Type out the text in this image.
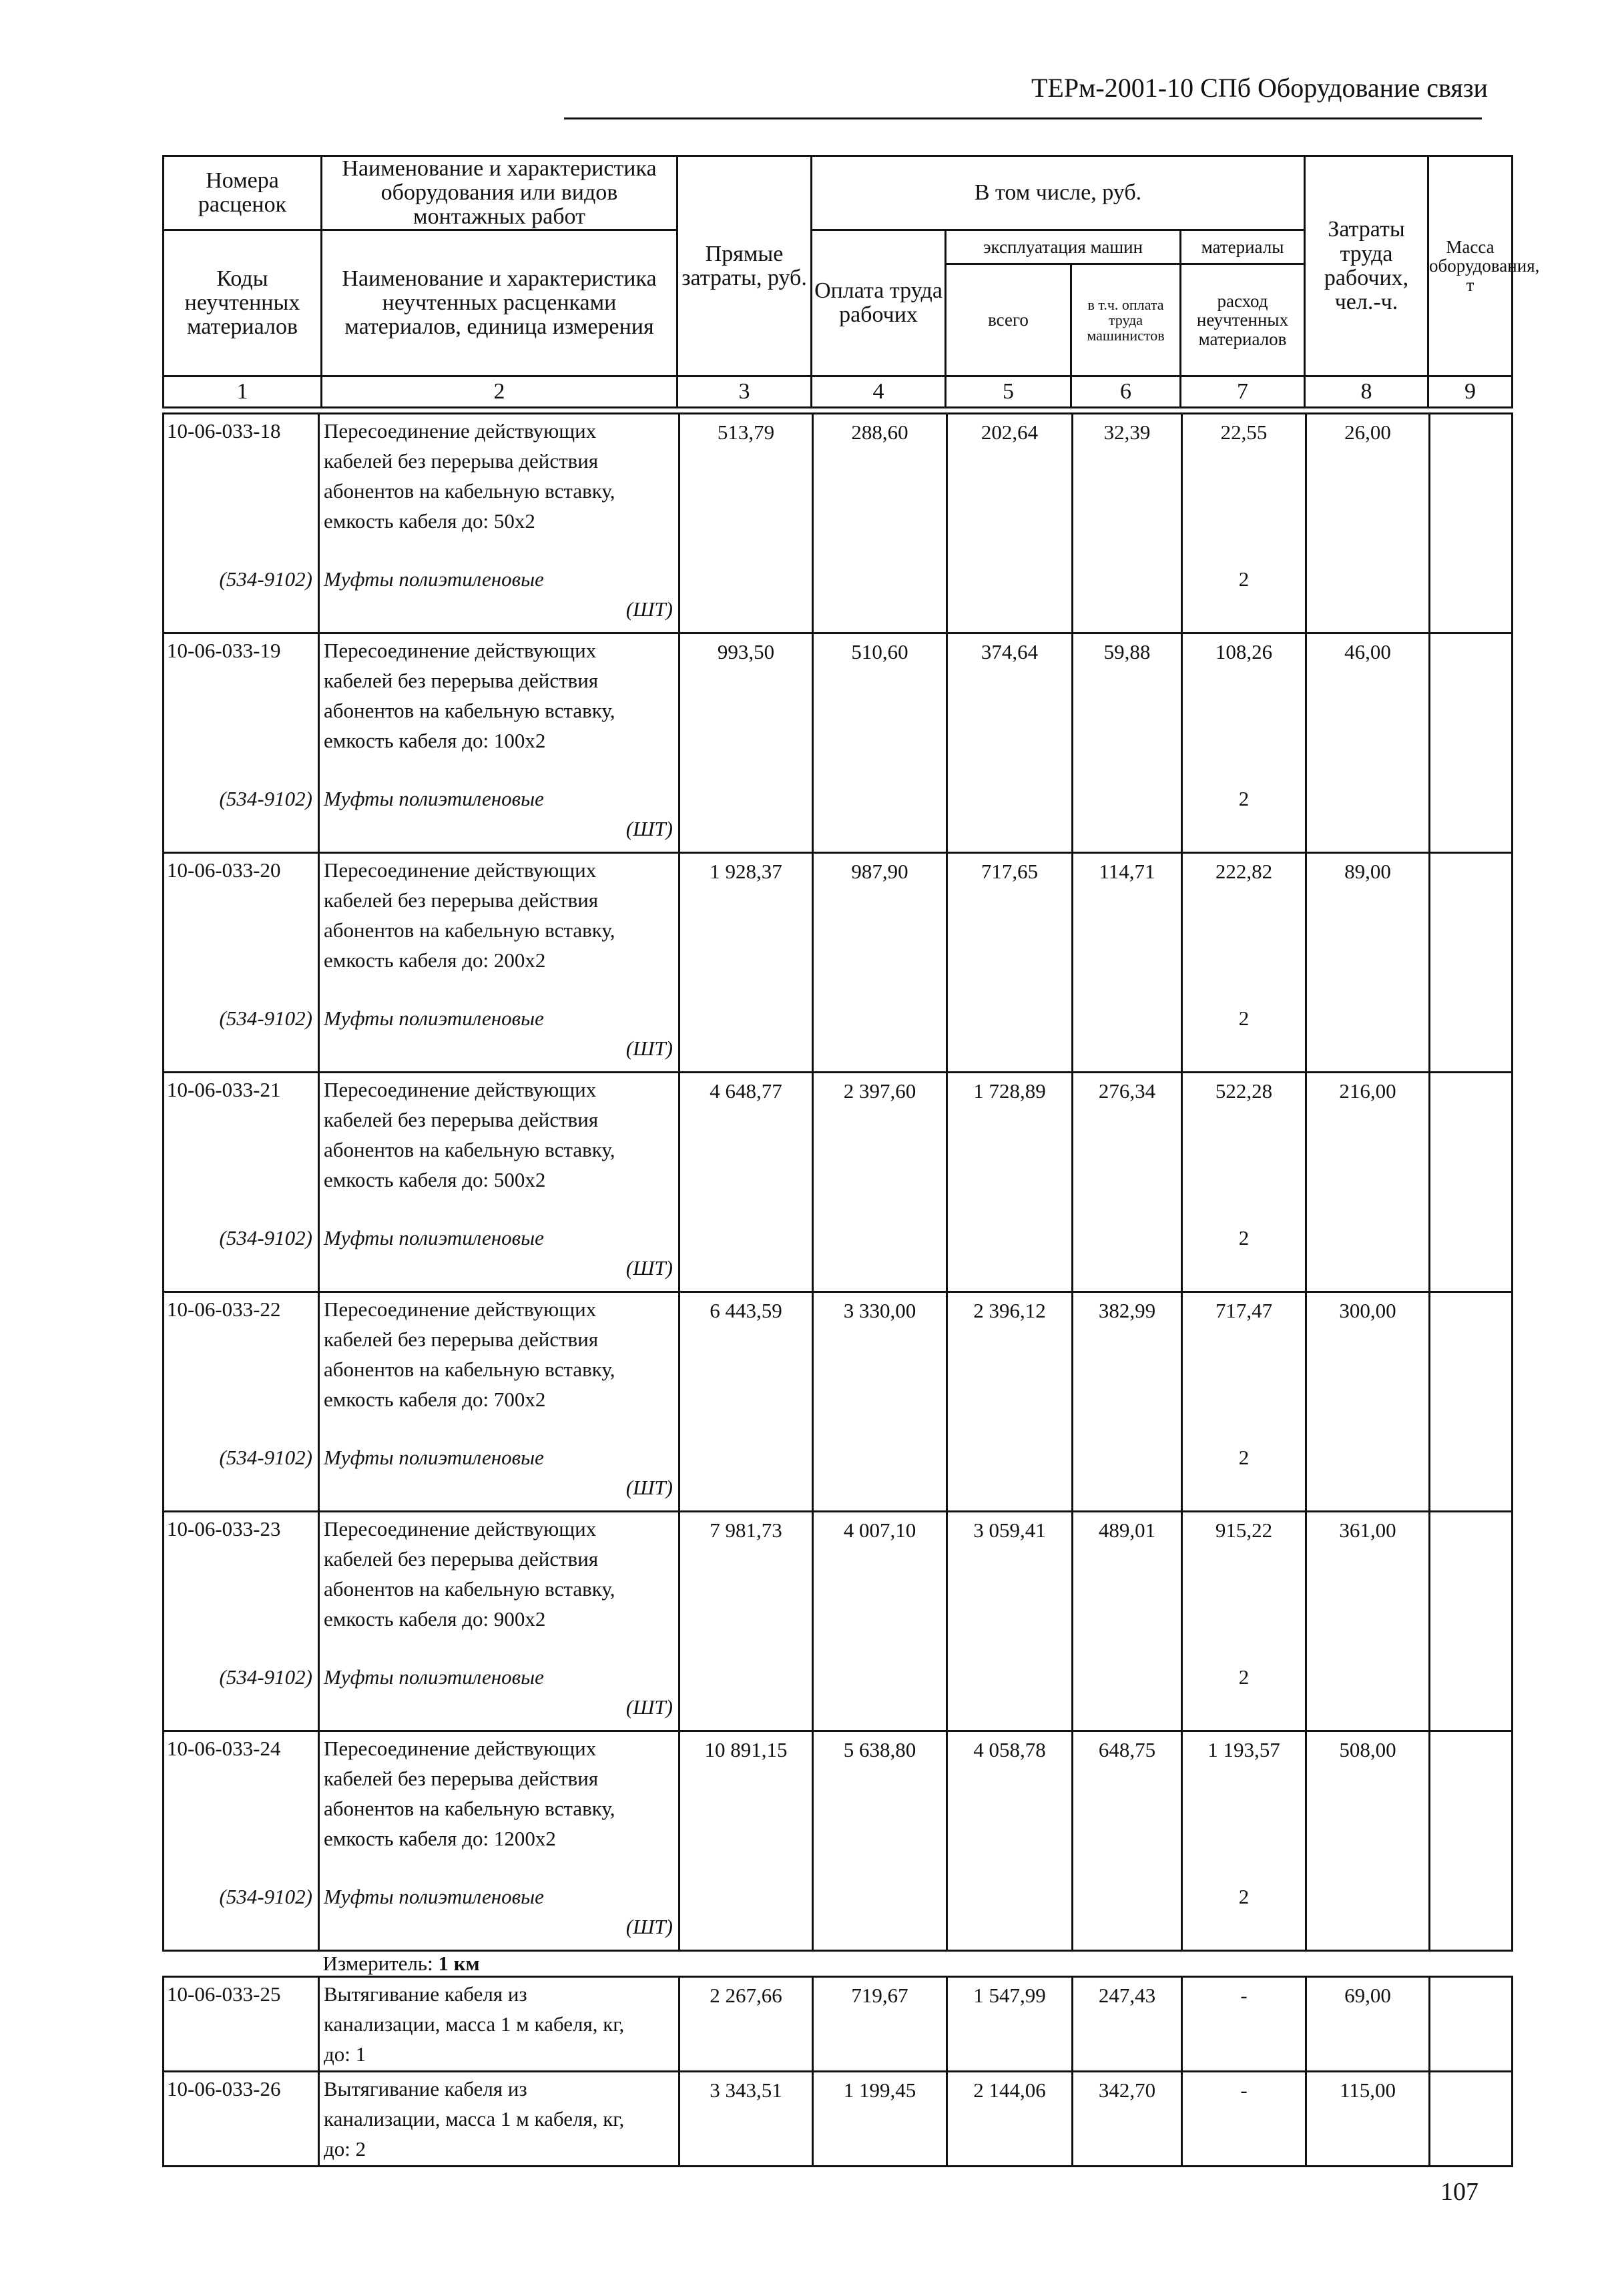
ТЕРм-2001-10 СПб Оборудование связи
Номера расценок	Наименование и характеристика оборудования или видов монтажных работ	Прямые затраты, руб.	В том числе, руб.				Затраты труда рабочих, чел.-ч.	Масса оборудования, т
Коды неучтенных материалов	Наименование и характеристика неучтенных расценками материалов, единица измерения		Оплата труда рабочих	эксплуатация машин		материалы		
				всего	в т.ч. оплата труда машинистов	расход неучтенных материалов		
1	2	3	4	5	6	7	8	9
10-06-033-18	Пересоединение действующих
кабелей без перерыва действия
абонентов на кабельную вставку,
емкость кабеля до: 50х2	513,79	288,60	202,64	32,39	22,55	26,00	
(534-9102)	Муфты полиэтиленовые
(ШТ)					2		
10-06-033-19	Пересоединение действующих
кабелей без перерыва действия
абонентов на кабельную вставку,
емкость кабеля до: 100х2	993,50	510,60	374,64	59,88	108,26	46,00	
(534-9102)	Муфты полиэтиленовые
(ШТ)					2		
10-06-033-20	Пересоединение действующих
кабелей без перерыва действия
абонентов на кабельную вставку,
емкость кабеля до: 200х2	1 928,37	987,90	717,65	114,71	222,82	89,00	
(534-9102)	Муфты полиэтиленовые
(ШТ)					2		
10-06-033-21	Пересоединение действующих
кабелей без перерыва действия
абонентов на кабельную вставку,
емкость кабеля до: 500х2	4 648,77	2 397,60	1 728,89	276,34	522,28	216,00	
(534-9102)	Муфты полиэтиленовые
(ШТ)					2		
10-06-033-22	Пересоединение действующих
кабелей без перерыва действия
абонентов на кабельную вставку,
емкость кабеля до: 700х2	6 443,59	3 330,00	2 396,12	382,99	717,47	300,00	
(534-9102)	Муфты полиэтиленовые
(ШТ)					2		
10-06-033-23	Пересоединение действующих
кабелей без перерыва действия
абонентов на кабельную вставку,
емкость кабеля до: 900х2	7 981,73	4 007,10	3 059,41	489,01	915,22	361,00	
(534-9102)	Муфты полиэтиленовые
(ШТ)					2		
10-06-033-24	Пересоединение действующих
кабелей без перерыва действия
абонентов на кабельную вставку,
емкость кабеля до: 1200х2	10 891,15	5 638,80	4 058,78	648,75	1 193,57	508,00	
(534-9102)	Муфты полиэтиленовые
(ШТ)					2		
	Измеритель: 1 км							
10-06-033-25	Вытягивание кабеля из
канализации, масса 1 м кабеля, кг,
до: 1	2 267,66	719,67	1 547,99	247,43	-	69,00	
10-06-033-26	Вытягивание кабеля из
канализации, масса 1 м кабеля, кг,
до: 2	3 343,51	1 199,45	2 144,06	342,70	-	115,00	
107
